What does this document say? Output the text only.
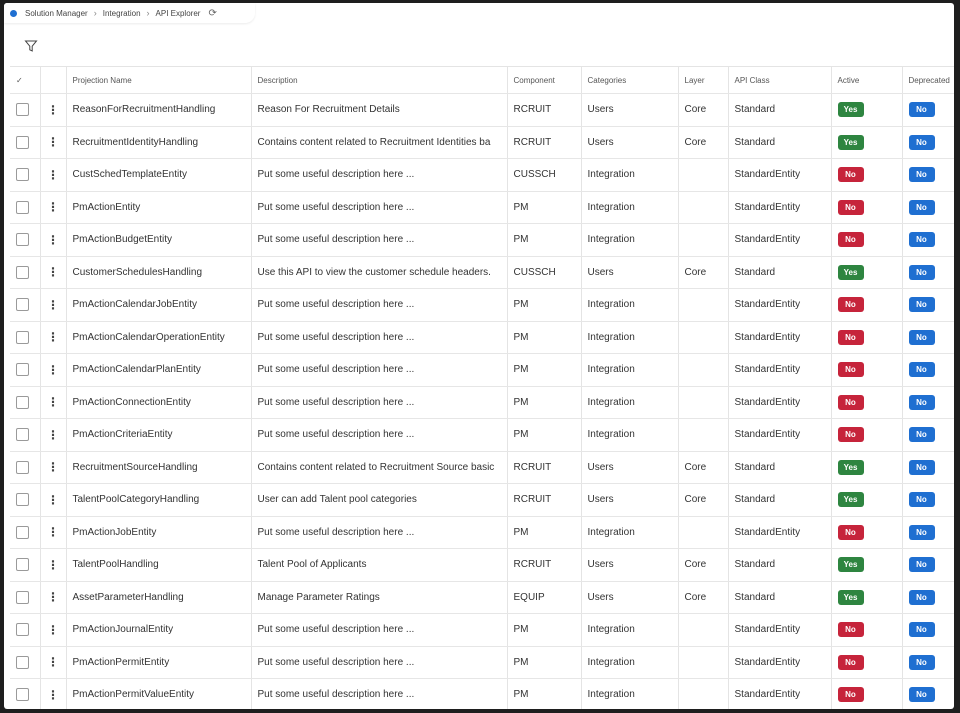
Solution Manager › Integration › API Explorer ⟳
✓		Projection Name	Description	Component	Categories	Layer	API Class	Active	Deprecated
	⋮	ReasonForRecruitmentHandling	Reason For Recruitment Details	RCRUIT	Users	Core	Standard	Yes	No
	⋮	RecruitmentIdentityHandling	Contains content related to Recruitment Identities ba	RCRUIT	Users	Core	Standard	Yes	No
	⋮	CustSchedTemplateEntity	Put some useful description here ...	CUSSCH	Integration		StandardEntity	No	No
	⋮	PmActionEntity	Put some useful description here ...	PM	Integration		StandardEntity	No	No
	⋮	PmActionBudgetEntity	Put some useful description here ...	PM	Integration		StandardEntity	No	No
	⋮	CustomerSchedulesHandling	Use this API to view the customer schedule headers.	CUSSCH	Users	Core	Standard	Yes	No
	⋮	PmActionCalendarJobEntity	Put some useful description here ...	PM	Integration		StandardEntity	No	No
	⋮	PmActionCalendarOperationEntity	Put some useful description here ...	PM	Integration		StandardEntity	No	No
	⋮	PmActionCalendarPlanEntity	Put some useful description here ...	PM	Integration		StandardEntity	No	No
	⋮	PmActionConnectionEntity	Put some useful description here ...	PM	Integration		StandardEntity	No	No
	⋮	PmActionCriteriaEntity	Put some useful description here ...	PM	Integration		StandardEntity	No	No
	⋮	RecruitmentSourceHandling	Contains content related to Recruitment Source basic	RCRUIT	Users	Core	Standard	Yes	No
	⋮	TalentPoolCategoryHandling	User can add Talent pool categories	RCRUIT	Users	Core	Standard	Yes	No
	⋮	PmActionJobEntity	Put some useful description here ...	PM	Integration		StandardEntity	No	No
	⋮	TalentPoolHandling	Talent Pool of Applicants	RCRUIT	Users	Core	Standard	Yes	No
	⋮	AssetParameterHandling	Manage Parameter Ratings	EQUIP	Users	Core	Standard	Yes	No
	⋮	PmActionJournalEntity	Put some useful description here ...	PM	Integration		StandardEntity	No	No
	⋮	PmActionPermitEntity	Put some useful description here ...	PM	Integration		StandardEntity	No	No
	⋮	PmActionPermitValueEntity	Put some useful description here ...	PM	Integration		StandardEntity	No	No
